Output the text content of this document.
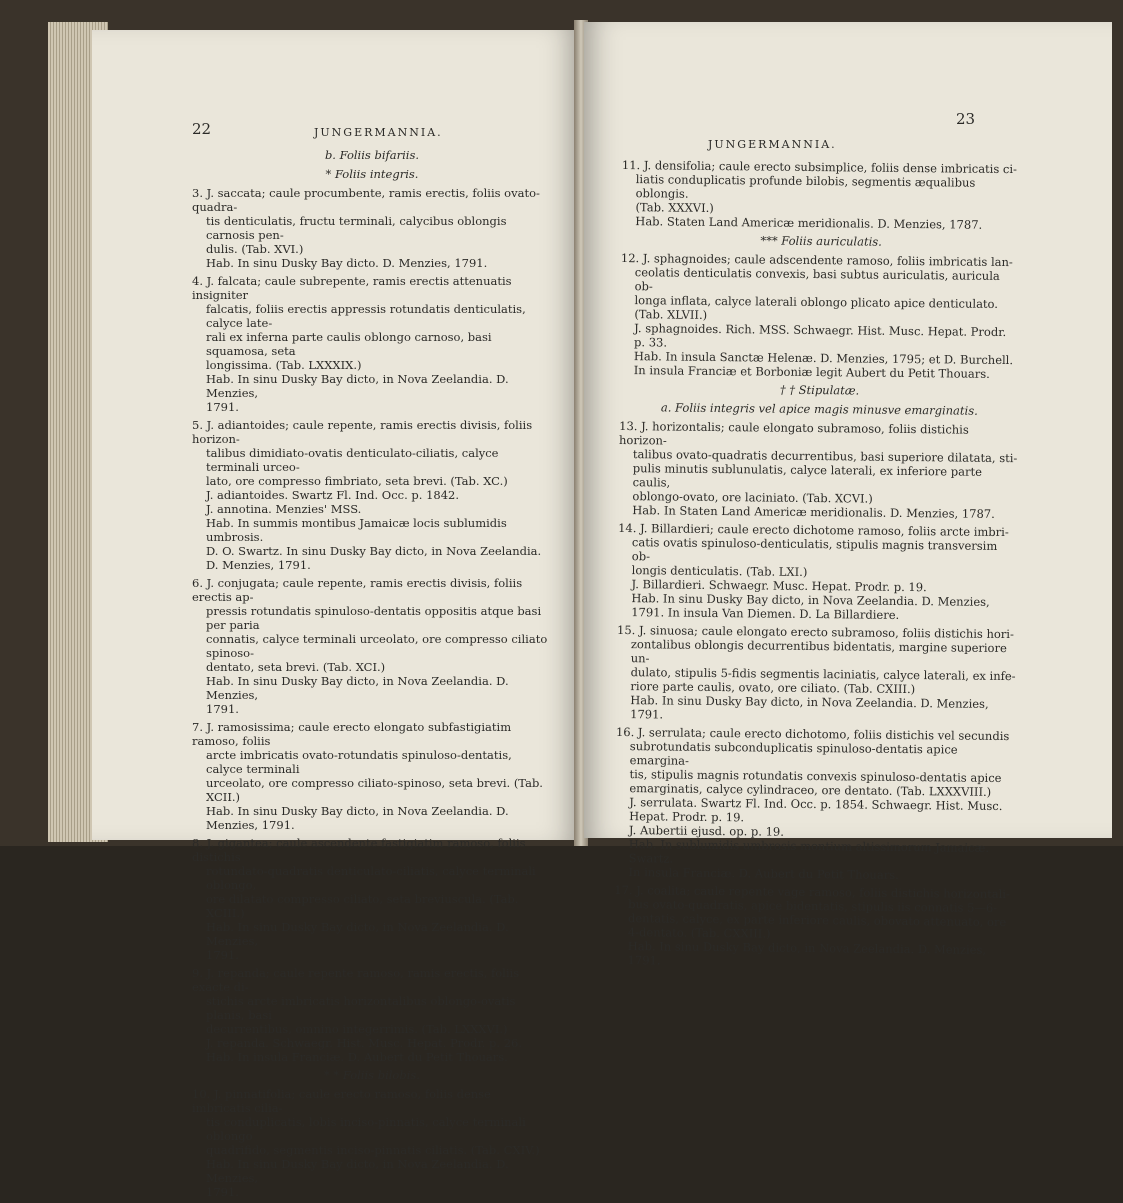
22	JUNGERMANNIA.
b. Foliis bifariis.
* Foliis integris.
3. J. saccata; caule procumbente, ramis erectis, foliis ovato-quadra-
tis denticulatis, fructu terminali, calycibus oblongis carnosis pen-
dulis. (Tab. XVI.)
Hab. In sinu Dusky Bay dicto. D. Menzies, 1791.
4. J. falcata; caule subrepente, ramis erectis attenuatis insigniter
falcatis, foliis erectis appressis rotundatis denticulatis, calyce late-
rali ex inferna parte caulis oblongo carnoso, basi squamosa, seta
longissima. (Tab. LXXXIX.)
Hab. In sinu Dusky Bay dicto, in Nova Zeelandia. D. Menzies,
1791.
5. J. adiantoides; caule repente, ramis erectis divisis, foliis horizon-
talibus dimidiato-ovatis denticulato-ciliatis, calyce terminali urceo-
lato, ore compresso fimbriato, seta brevi. (Tab. XC.)
J. adiantoides. Swartz Fl. Ind. Occ. p. 1842.
J. annotina. Menzies' MSS.
Hab. In summis montibus Jamaicæ locis sublumidis umbrosis.
D. O. Swartz. In sinu Dusky Bay dicto, in Nova Zeelandia.
D. Menzies, 1791.
6. J. conjugata; caule repente, ramis erectis divisis, foliis erectis ap-
pressis rotundatis spinuloso-dentatis oppositis atque basi per paria
connatis, calyce terminali urceolato, ore compresso ciliato spinoso-
dentato, seta brevi. (Tab. XCI.)
Hab. In sinu Dusky Bay dicto, in Nova Zeelandia. D. Menzies,
1791.
7. J. ramosissima; caule erecto elongato subfastigiatim ramoso, foliis
arcte imbricatis ovato-rotundatis spinuloso-dentatis, calyce terminali
urceolato, ore compresso ciliato-spinoso, seta brevi. (Tab. XCII.)
Hab. In sinu Dusky Bay dicto, in Nova Zeelandia. D. Menzies, 1791.
8. J. gigantea; caule ascendente fastigiatim ramoso, foliis distichis
rotundato-quadratis denticulato-ciliatis, calyce terminali oblongo,
ore dilatato compresso ciliato, seta breviuscula. (Tab. XCIII.)
Hab. In sinu Dusky Bay dicto, in Nova Zeelandia. D. Menzies,
1791.
9. J. repanda; caule repente ramoso, ramis erectis, foliis exacte di-
stichis arcte imbricatis horizontalibus oblongo-ovatis planis, basi
decurrentibus, omnino integerrimis. (Tab. LXXXVI.)
J. repanda. Schwaegr. Hist. Musc. Hepat. Prodr. p. 26.
Hab. In insula Franciæ. D. Aubert du Petit Thouars.
* * Foliis bilobis.
10. J. pinnatifolia; caule erecto ramoso, foliis dense imbricatis cilia-
tis conduplicatis, lobis inciso-pinnatis, calyce terminali oblongo
quadrifido, segmentis inciso-pinnatis ciliatis. (Tab. CXIV.)
Hab. In sinu Dusky Bay dicto, in Nova Zeelandia. D. Menzies,
1791.
23
JUNGERMANNIA.
11. J. densifolia; caule erecto subsimplice, foliis dense imbricatis ci-
liatis conduplicatis profunde bilobis, segmentis æqualibus oblongis.
(Tab. XXXVI.)
Hab. Staten Land Americæ meridionalis. D. Menzies, 1787.
*** Foliis auriculatis.
12. J. sphagnoides; caule adscendente ramoso, foliis imbricatis lan-
ceolatis denticulatis convexis, basi subtus auriculatis, auricula ob-
longa inflata, calyce laterali oblongo plicato apice denticulato.
(Tab. XLVII.)
J. sphagnoides. Rich. MSS. Schwaegr. Hist. Musc. Hepat. Prodr. p. 33.
Hab. In insula Sanctæ Helenæ. D. Menzies, 1795; et D. Burchell.
In insula Franciæ et Borboniæ legit Aubert du Petit Thouars.
† † Stipulatæ.
a. Foliis integris vel apice magis minusve emarginatis.
13. J. horizontalis; caule elongato subramoso, foliis distichis horizon-
talibus ovato-quadratis decurrentibus, basi superiore dilatata, sti-
pulis minutis sublunulatis, calyce laterali, ex inferiore parte caulis,
oblongo-ovato, ore laciniato. (Tab. XCVI.)
Hab. In Staten Land Americæ meridionalis. D. Menzies, 1787.
14. J. Billardieri; caule erecto dichotome ramoso, foliis arcte imbri-
catis ovatis spinuloso-denticulatis, stipulis magnis transversim ob-
longis denticulatis. (Tab. LXI.)
J. Billardieri. Schwaegr. Musc. Hepat. Prodr. p. 19.
Hab. In sinu Dusky Bay dicto, in Nova Zeelandia. D. Menzies,
1791. In insula Van Diemen. D. La Billardiere.
15. J. sinuosa; caule elongato erecto subramoso, foliis distichis hori-
zontalibus oblongis decurrentibus bidentatis, margine superiore un-
dulato, stipulis 5-fidis segmentis laciniatis, calyce laterali, ex infe-
riore parte caulis, ovato, ore ciliato. (Tab. CXIII.)
Hab. In sinu Dusky Bay dicto, in Nova Zeelandia. D. Menzies,
1791.
16. J. serrulata; caule erecto dichotomo, foliis distichis vel secundis
subrotundatis subconduplicatis spinuloso-dentatis apice emargina-
tis, stipulis magnis rotundatis convexis spinuloso-dentatis apice
emarginatis, calyce cylindraceo, ore dentato. (Tab. LXXXVIII.)
J. serrulata. Swartz Fl. Ind. Occ. p. 1854. Schwaegr. Hist. Musc.
Hepat. Prodr. p. 19.
J. Aubertii ejusd. op. p. 19.
Hab. In sublumidis umbrosis montium altissimorum Jamaicæ. Swartz.
In insula Franciæ. D. Aubert du Petit Thouars.
17. J. coalita; caule repente vage ramoso, foliis distichis horizontali-
bus ovato-quadratis, apice bidentatis, stipulis iis connatis 5—6-
dentatis, calyce, ex parte inferiore caulis, obovato attenuato, ore
4-dentato. (Tab. CXXIII.)
Hab. In sinu Dusky Bay dicto, in Nova Zeelandia. D. Menzies, 1791.
